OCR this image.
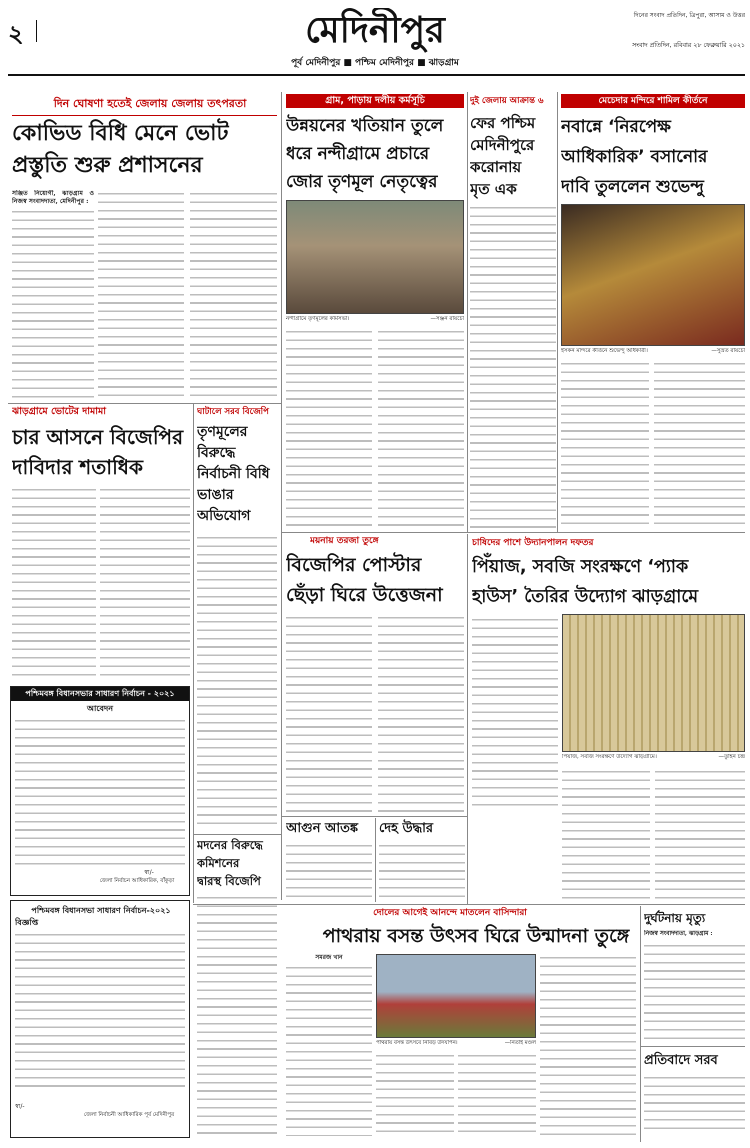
২	মেদিনীপুর
পূর্ব মেদিনীপুর ■ পশ্চিম মেদিনীপুর ■ ঝাড়গ্রাম
দিনের সংবাদ প্রতিদিন, ত্রিপুরা, আসাম ও উত্তর
সংবাদ প্রতিদিন, রবিবার ২৮ ফেব্রুয়ারি ২০২১
দিন ঘোষণা হতেই জেলায় জেলায় তৎপরতা
কোভিড বিধি মেনে ভোট
প্রস্তুতি শুরু প্রশাসনের
সঞ্জিত নিয়োগী, ঝাড়গ্রাম ও নিজস্ব সংবাদদাতা, মেদিনীপুর :
ঝাড়গ্রামে ভোটের দামামা
চার আসনে বিজেপির
দাবিদার শতাধিক
ঘাটালে সরব বিজেপি
তৃণমূলের বিরুদ্ধে নির্বাচনী বিধি ভাঙার অভিযোগ
মদনের বিরুদ্ধে
কমিশনের
দ্বারস্থ বিজেপি
পশ্চিমবঙ্গ বিধানসভার সাধারণ নির্বাচন - ২০২১
আবেদন
স্বা/-
জেলা নির্বাচন আধিকারিক, বাঁকুড়া
পশ্চিমবঙ্গ বিধানসভা সাধারণ নির্বাচন-২০২১
বিজ্ঞপ্তি
স্বা/-
জেলা নির্বাচনী আধিকারিক পূর্ব মেদিনীপুর
গ্রাম, পাড়ায় দলীয় কর্মসূচি
উন্নয়নের খতিয়ান তুলে
ধরে নন্দীগ্রামে প্রচারে
জোর তৃণমূল নেতৃত্বের
নন্দীগ্রামে তৃণমূলের কর্মিসভা।	—সঞ্জন রায়চৌ
দুই জেলায় আক্রান্ত ৬
ফের পশ্চিম
মেদিনীপুরে
করোনায়
মৃত এক
মেচেদার মন্দিরে শামিল কীর্তনে
নবান্নে ‘নিরপেক্ষ
আধিকারিক’ বসানোর
দাবি তুললেন শুভেন্দু
ইসকন মন্দিরে কীর্তনে শুভেন্দু অধিকারী।	—সুভ্রত রায়চৌ
ময়নায় তরজা তুঙ্গে
বিজেপির পোস্টার
ছেঁড়া ঘিরে উত্তেজনা
চাষিদের পাশে উদ্যানপালন দফতর
পিঁয়াজ, সবজি সংরক্ষণে ‘প্যাক
হাউস’ তৈরির উদ্যোগ ঝাড়গ্রামে
পিঁয়াজ, সবজি সংরক্ষণে উদ্যোগ ঝাড়গ্রামে।	—তুহিন চন্দ্র
আগুন আতঙ্ক	দেহ উদ্ধার
দোলের আগেই আনন্দে মাতলেন বাসিন্দারা
পাথরায় বসন্ত উৎসব ঘিরে উন্মাদনা তুঙ্গে
সমরজ খান
পাথরায় বসন্ত উৎসবে নিবিড় উদযাপন।	—নিতাই মণ্ডল
দুর্ঘটনায় মৃত্যু
নিজস্ব সংবাদদাতা, ঝাড়গ্রাম :
প্রতিবাদে সরব
